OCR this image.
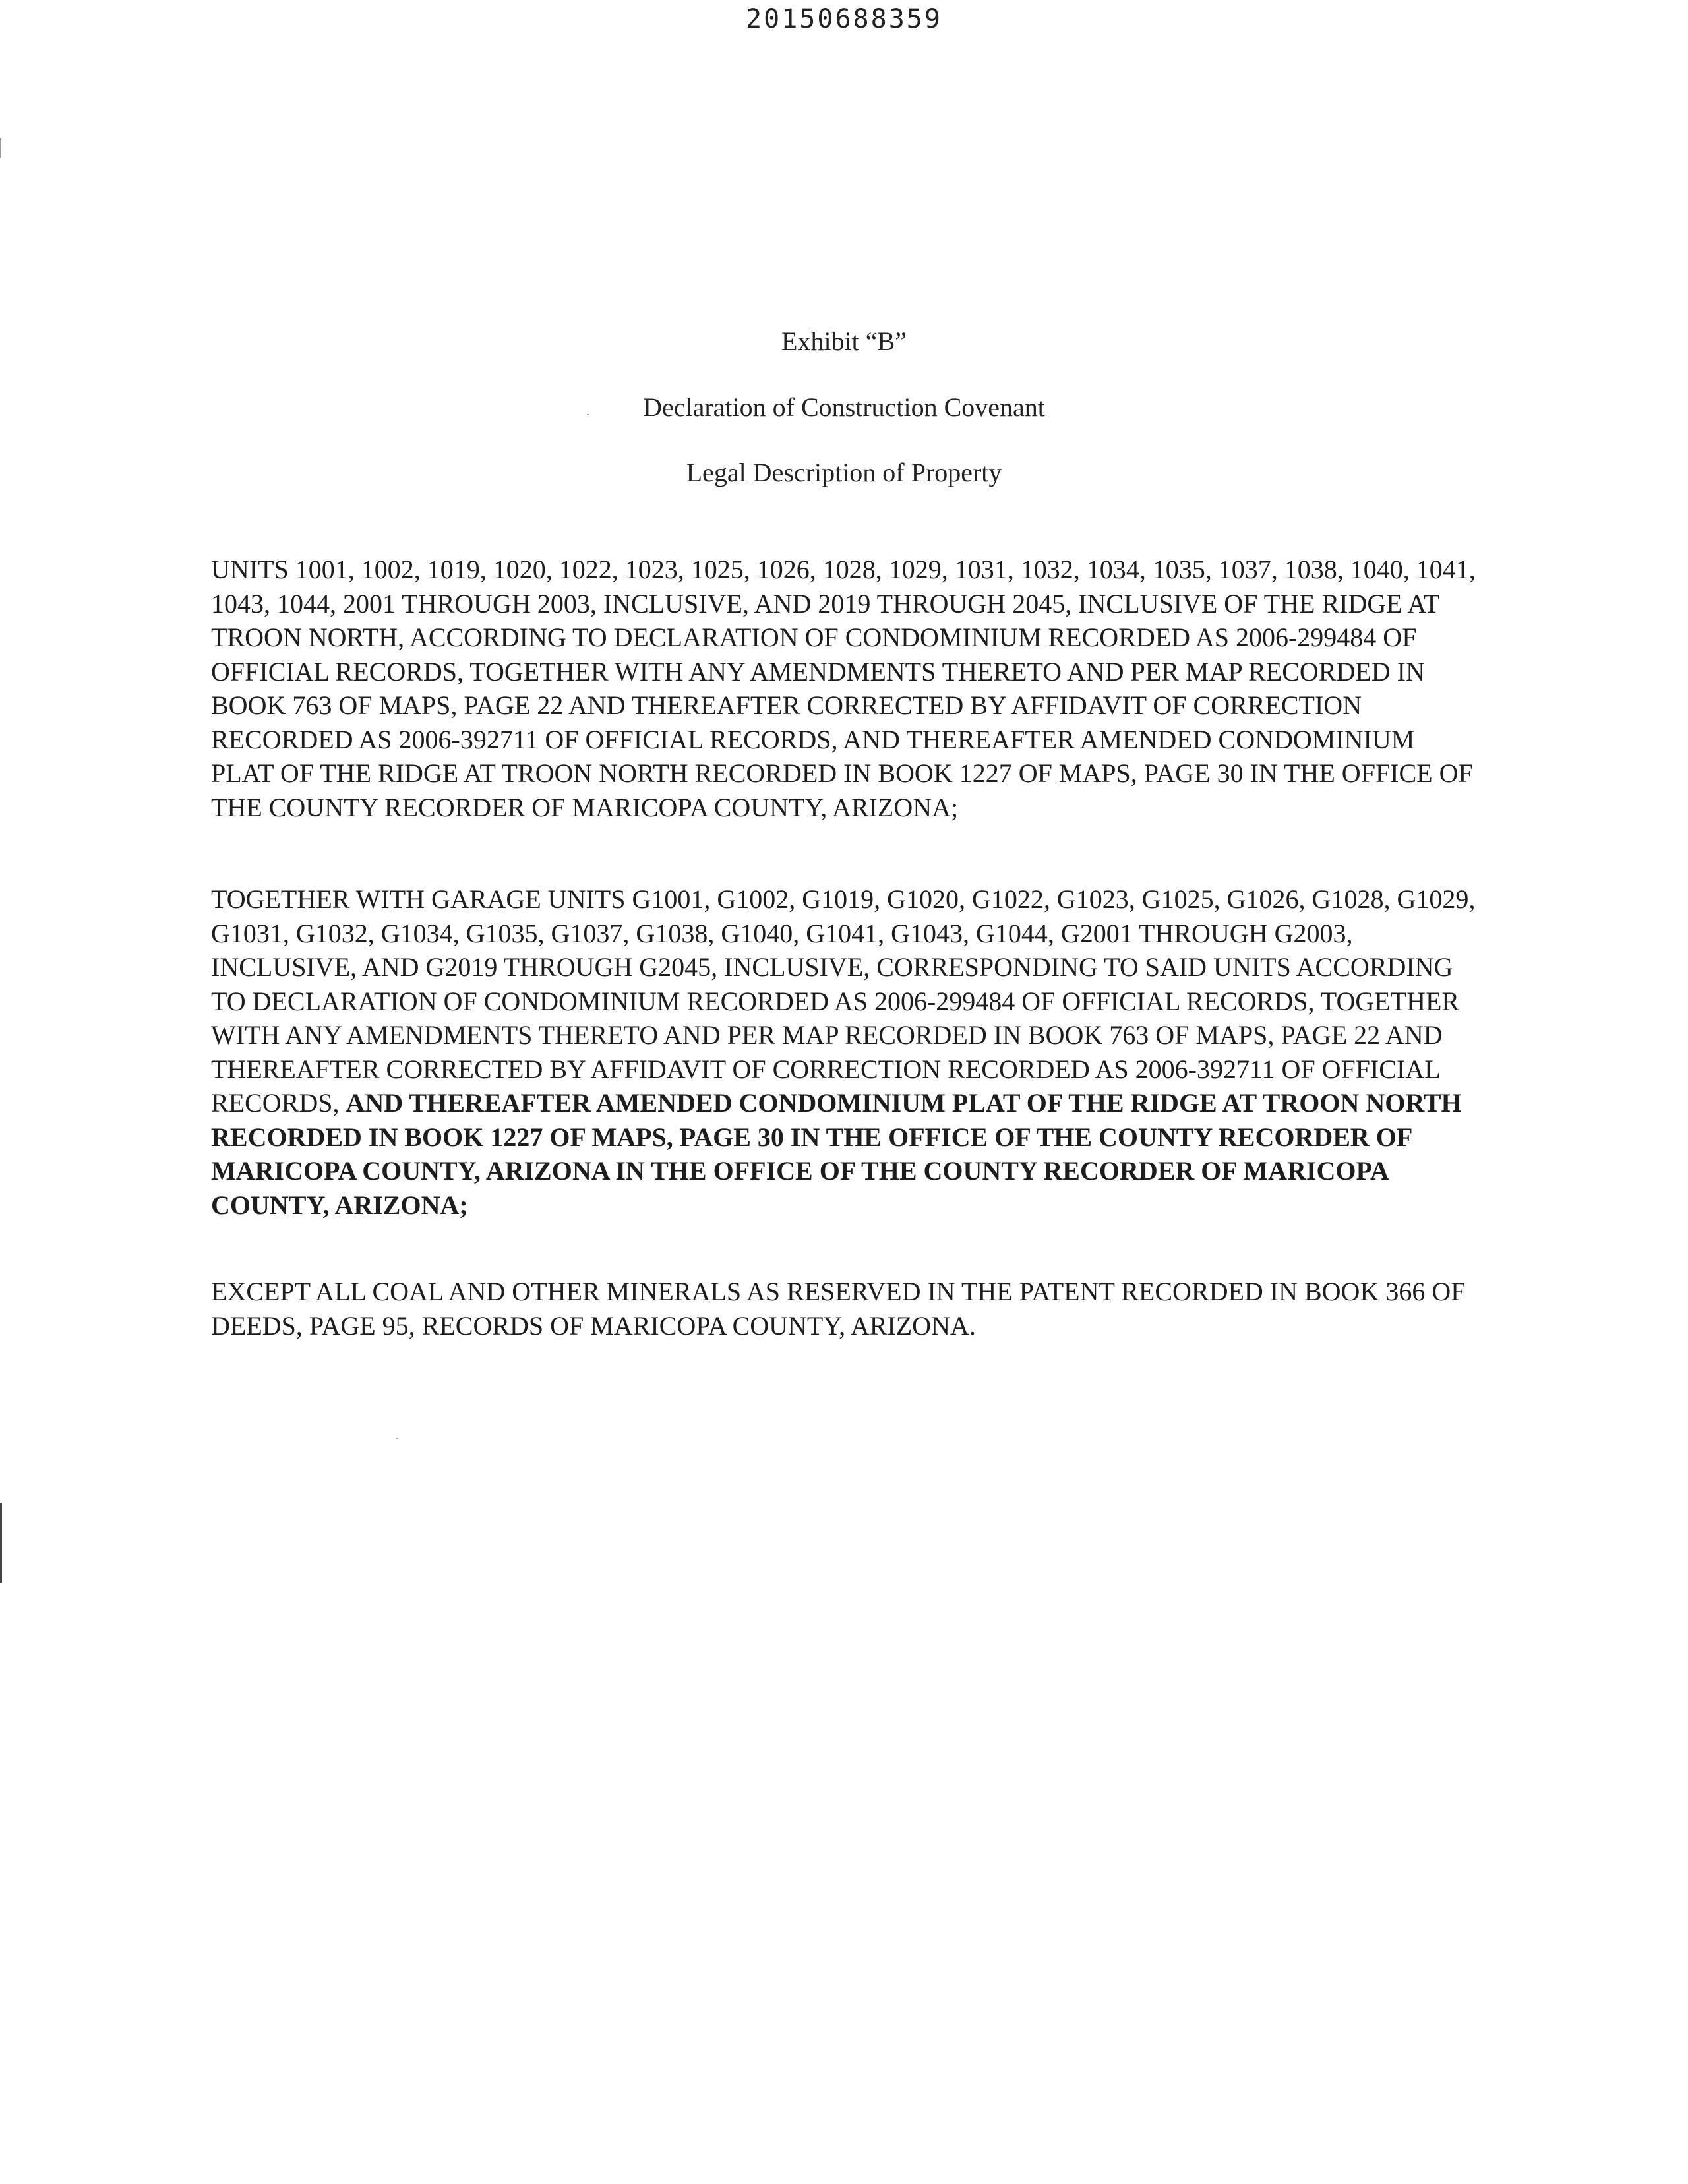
20150688359
Exhibit “B”
Declaration of Construction Covenant
Legal Description of Property

UNITS 1001, 1002, 1019, 1020, 1022, 1023, 1025, 1026, 1028, 1029, 1031, 1032, 1034, 1035, 1037, 1038, 1040, 1041, 1043, 1044, 2001 THROUGH 2003, INCLUSIVE, AND 2019 THROUGH 2045, INCLUSIVE OF THE RIDGE AT TROON NORTH, ACCORDING TO DECLARATION OF CONDOMINIUM RECORDED AS 2006-299484 OF OFFICIAL RECORDS, TOGETHER WITH ANY AMENDMENTS THERETO AND PER MAP RECORDED IN BOOK 763 OF MAPS, PAGE 22 AND THEREAFTER CORRECTED BY AFFIDAVIT OF CORRECTION RECORDED AS 2006-392711 OF OFFICIAL RECORDS, AND THEREAFTER AMENDED CONDOMINIUM PLAT OF THE RIDGE AT TROON NORTH RECORDED IN BOOK 1227 OF MAPS, PAGE 30 IN THE OFFICE OF THE COUNTY RECORDER OF MARICOPA COUNTY, ARIZONA;

TOGETHER WITH GARAGE UNITS G1001, G1002, G1019, G1020, G1022, G1023, G1025, G1026, G1028, G1029, G1031, G1032, G1034, G1035, G1037, G1038, G1040, G1041, G1043, G1044, G2001 THROUGH G2003, INCLUSIVE, AND G2019 THROUGH G2045, INCLUSIVE, CORRESPONDING TO SAID UNITS ACCORDING TO DECLARATION OF CONDOMINIUM RECORDED AS 2006-299484 OF OFFICIAL RECORDS, TOGETHER WITH ANY AMENDMENTS THERETO AND PER MAP RECORDED IN BOOK 763 OF MAPS, PAGE 22 AND THEREAFTER CORRECTED BY AFFIDAVIT OF CORRECTION RECORDED AS 2006-392711 OF OFFICIAL RECORDS, AND THEREAFTER AMENDED CONDOMINIUM PLAT OF THE RIDGE AT TROON NORTH RECORDED IN BOOK 1227 OF MAPS, PAGE 30 IN THE OFFICE OF THE COUNTY RECORDER OF MARICOPA COUNTY, ARIZONA IN THE OFFICE OF THE COUNTY RECORDER OF MARICOPA COUNTY, ARIZONA;

EXCEPT ALL COAL AND OTHER MINERALS AS RESERVED IN THE PATENT RECORDED IN BOOK 366 OF DEEDS, PAGE 95, RECORDS OF MARICOPA COUNTY, ARIZONA.
